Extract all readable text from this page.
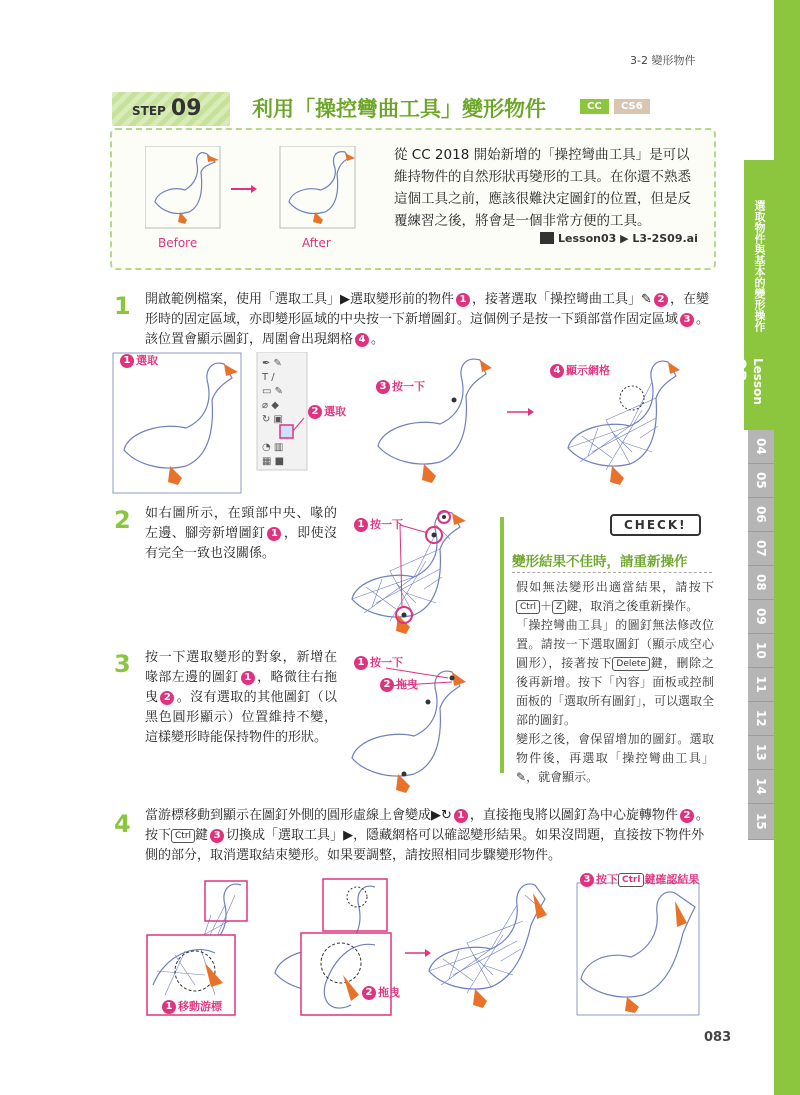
選取物件與基本的變形操作
Lesson 03
04
05
06
07
08
09
10
11
12
13
14
15
3-2 變形物件
STEP 09	利用「操控彎曲工具」變形物件	CC	CS6
Before	After
從 CC 2018 開始新增的「操控彎曲工具」是可以維持物件的自然形狀再變形的工具。在你還不熟悉這個工具之前，應該很難決定圖釘的位置，但是反覆練習之後，將會是一個非常方便的工具。
Lesson03 ▶ L3-2S09.ai
1 開啟範例檔案，使用「選取工具」▶選取變形前的物件 1 ，接著選取「操控彎曲工具」✎ 2 ，在變形時的固定區域，亦即變形區域的中央按一下新增圖釘。這個例子是按一下頸部當作固定區域 3 。該位置會顯示圖釘，周圍會出現網格 4 。
✒ ✎
T /
▭ ✎
⌀ ◆
↻ ▣
◔ ▥
▦ ■
1 選取
2 選取
3 按一下
4 顯示網格
2 如右圖所示，在頸部中央、喙的左邊、腳旁新增圖釘 1 ，即使沒有完全一致也沒關係。
1 按一下
3 按一下選取變形的對象，新增在喙部左邊的圖釘 1 ，略微往右拖曳 2 。沒有選取的其他圖釘（以黑色圓形顯示）位置維持不變，這樣變形時能保持物件的形狀。
1 按一下
2 拖曳
CHECK!
變形結果不佳時，請重新操作
假如無法變形出適當結果，請按下Ctrl ＋ Z 鍵，取消之後重新操作。
「操控彎曲工具」的圖釘無法修改位置。請按一下選取圖釘（顯示成空心圓形），接著按下 Delete 鍵，刪除之後再新增。按下「內容」面板或控制面板的「選取所有圖釘」，可以選取全部的圖釘。
變形之後，會保留增加的圖釘。選取物件後，再選取「操控彎曲工具」✎，就會顯示。
4 當游標移動到顯示在圖釘外側的圓形虛線上會變成▶↻ 1 ，直接拖曳將以圖釘為中心旋轉物件 2 。按下 Ctrl 鍵 3 切換成「選取工具」▶，隱藏網格可以確認變形結果。如果沒問題，直接按下物件外側的部分，取消選取結束變形。如果要調整，請按照相同步驟變形物件。
1 移動游標
2 拖曳
3 按下 Ctrl 鍵確認結果
083
